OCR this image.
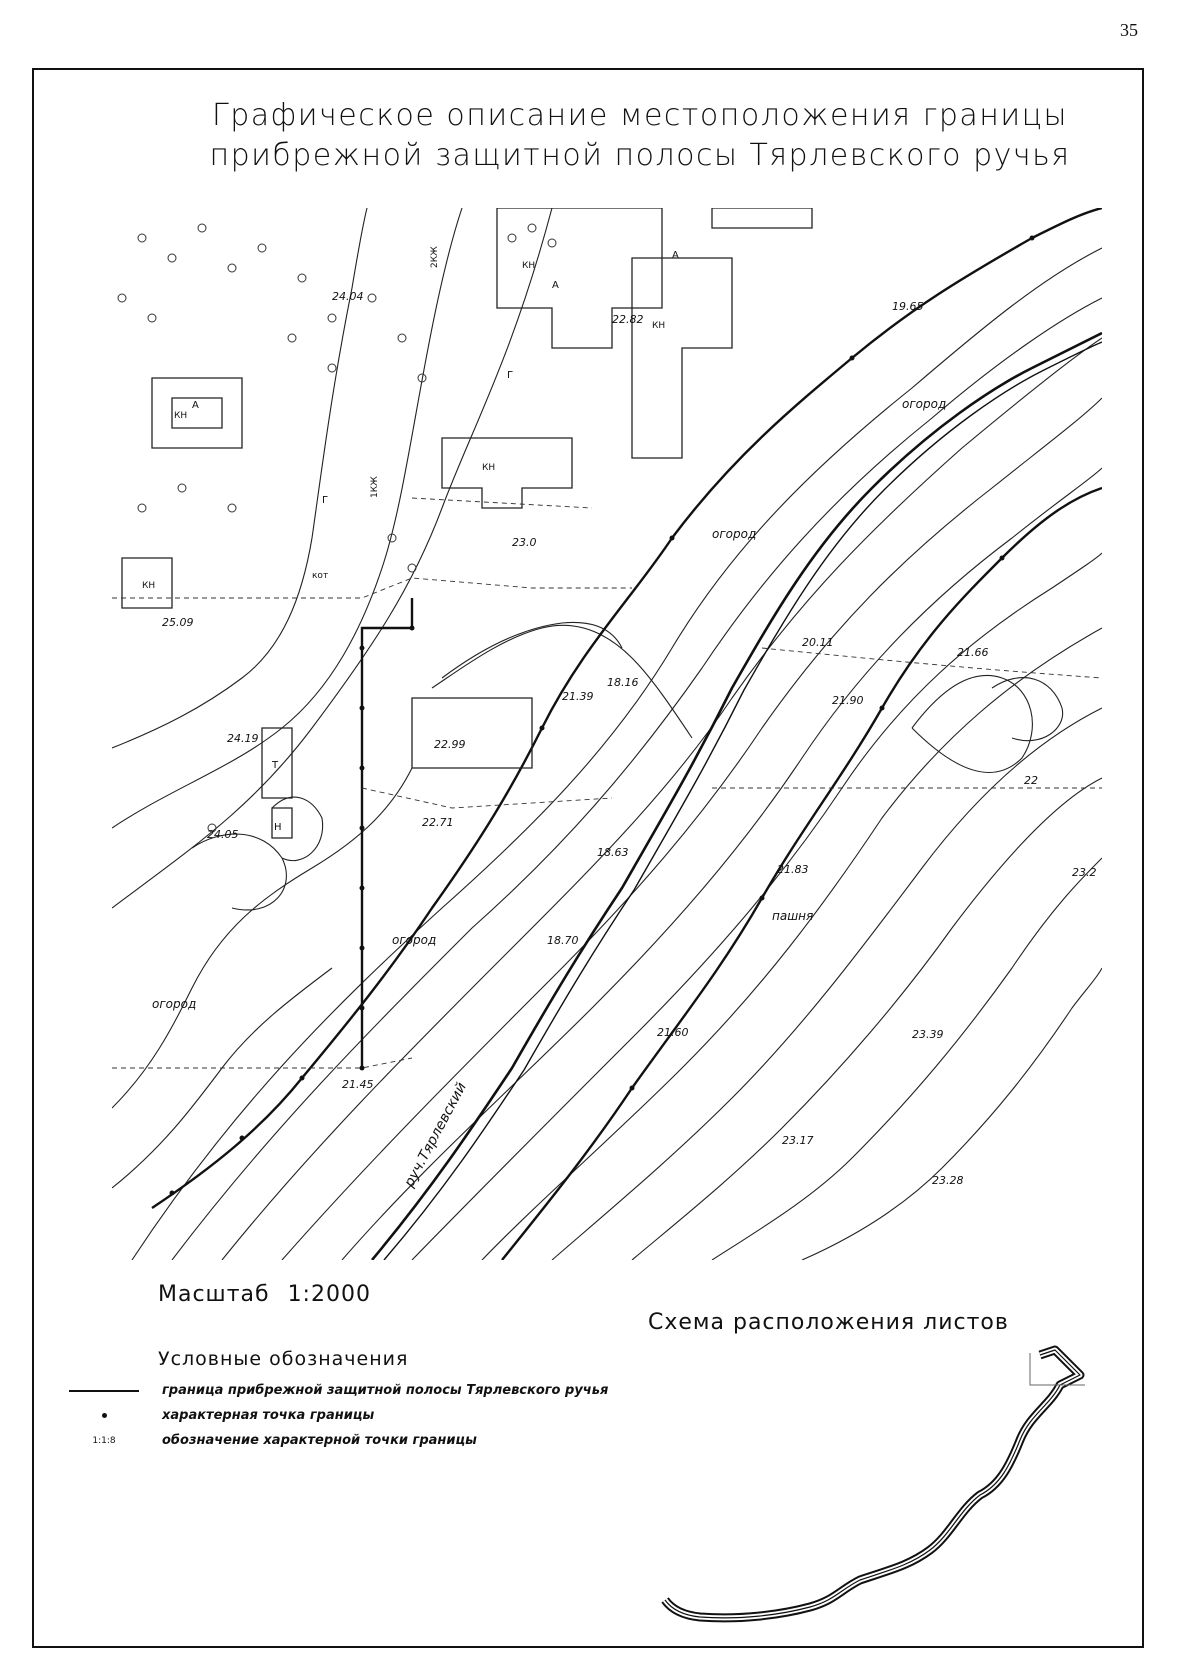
35
Графическое описание местоположения границы
прибрежной защитной полосы Тярлевского ручья
24.04
22.82
19.65
23.0
21.39
20.11
21.66
21.90
24.19	22.99
22.71
24.05
18.63
18.70
21.83	23.2
21.60	23.39
21.45
23.17
23.28
22
25.09
18.16
огород
огород
огород
огород
пашня
КН
КН
КН
КН
КН
Г
Г
А
А
А
Т
Н
кот
2КЖ
1КЖ
руч.Тярлевский
Масштаб 1:2000
Схема расположения листов
Условные обозначения
граница прибрежной защитной полосы Тярлевского ручья
характерная точка границы
1:1:8	обозначение характерной точки границы
